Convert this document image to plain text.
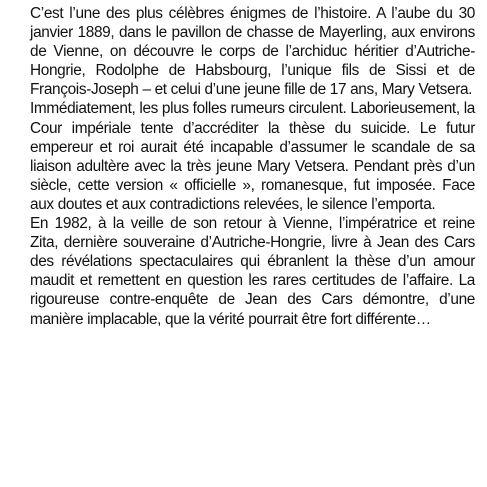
C’est l’une des plus célèbres énigmes de l’histoire. A l’aube du 30 janvier 1889, dans le pavillon de chasse de Mayerling, aux environs de Vienne, on découvre le corps de l’archiduc héritier d’Autriche-Hongrie, Rodolphe de Habsbourg, l’unique fils de Sissi et de François-Joseph – et celui d’une jeune fille de 17 ans, Mary Vetsera.

Immédiatement, les plus folles rumeurs circulent. Laborieusement, la Cour impériale tente d’accréditer la thèse du suicide. Le futur empereur et roi aurait été incapable d’assumer le scandale de sa liaison adultère avec la très jeune Mary Vetsera. Pendant près d’un siècle, cette version « officielle », romanesque, fut imposée. Face aux doutes et aux contradictions relevées, le silence l’emporta.

En 1982, à la veille de son retour à Vienne, l’impératrice et reine Zita, dernière souveraine d’Autriche-Hongrie, livre à Jean des Cars des révélations spectaculaires qui ébranlent la thèse d’un amour maudit et remettent en question les rares certitudes de l’affaire. La rigoureuse contre-enquête de Jean des Cars démontre, d’une manière implacable, que la vérité pourrait être fort différente…
